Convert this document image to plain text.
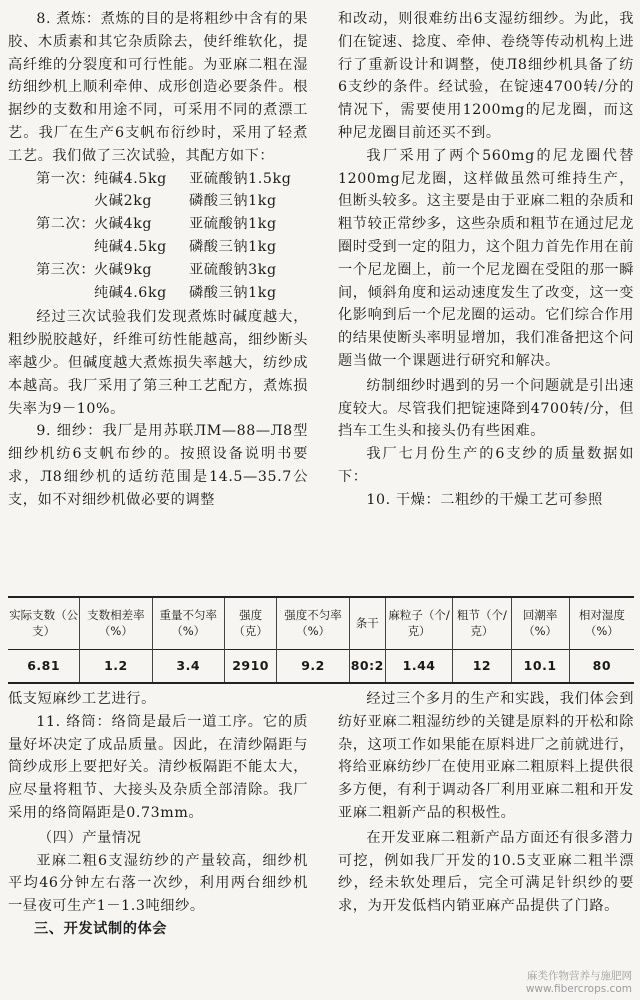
8. 煮炼：煮炼的目的是将粗纱中含有的果胶、木质素和其它杂质除去，使纤维软化，提高纤维的分裂度和可行性能。为亚麻二粗在湿纺细纱机上顺利牵伸、成形创造必要条件。根据纱的支数和用途不同，可采用不同的煮漂工艺。我厂在生产6支帆布衍纱时，采用了轻煮工艺。我们做了三次试验，其配方如下：

第一次：
纯碱4.5kg	亚硫酸钠1.5kg
火碱2kg	磷酸三钠1kg
第二次：
火碱4kg	亚硫酸钠1kg
纯碱4.5kg	磷酸三钠1kg
第三次：
火碱9kg	亚硫酸钠3kg
纯碱4.6kg	磷酸三钠1kg

经过三次试验我们发现煮炼时碱度越大，粗纱脱胶越好，纤维可纺性能越高，细纱断头率越少。但碱度越大煮炼损失率越大，纺纱成本越高。我厂采用了第三种工艺配方，煮炼损失率为9－10%。

9. 细纱：我厂是用苏联ЛМ—88—Л8型细纱机纺6支帆布纱的。按照设备说明书要求，Л8细纱机的适纺范围是14.5—35.7公支，如不对细纱机做必要的调整

和改动，则很难纺出6支湿纺细纱。为此，我们在锭速、捻度、牵伸、卷绕等传动机构上进行了重新设计和调整，使Л8细纱机具备了纺6支纱的条件。经试验，在锭速4700转/分的情况下，需要使用1200mg的尼龙圈，而这种尼龙圈目前还买不到。

我厂采用了两个560mg的尼龙圈代替1200mg尼龙圈，这样做虽然可维持生产，但断头较多。这主要是由于亚麻二粗的杂质和粗节较正常纱多，这些杂质和粗节在通过尼龙圈时受到一定的阻力，这个阻力首先作用在前一个尼龙圈上，前一个尼龙圈在受阻的那一瞬间，倾斜角度和运动速度发生了改变，这一变化影响到后一个尼龙圈的运动。它们综合作用的结果使断头率明显增加，我们准备把这个问题当做一个课题进行研究和解决。

纺制细纱时遇到的另一个问题就是引出速度较大。尽管我们把锭速降到4700转/分，但挡车工生头和接头仍有些困难。

我厂七月份生产的6支纱的质量数据如下：

10. 干燥：二粗纱的干燥工艺可参照

实际支数（公支）	支数相差率（%）	重量不匀率（%）	强度（克）	强度不匀率（%）	条干	麻粒子（个/克）	粗节（个/克）	回潮率（%）	相对湿度（%）
6.81	1.2	3.4	2910	9.2	80:2	1.44	12	10.1	80

低支短麻纱工艺进行。

11. 络筒：络筒是最后一道工序。它的质量好坏决定了成品质量。因此，在清纱隔距与筒纱成形上要把好关。清纱板隔距不能太大，应尽量将粗节、大接头及杂质全部清除。我厂采用的络筒隔距是0.73mm。

（四）产量情况

亚麻二粗6支湿纺纱的产量较高，细纱机平均46分钟左右落一次纱，利用两台细纱机一昼夜可生产1－1.3吨细纱。

三、开发试制的体会

经过三个多月的生产和实践，我们体会到纺好亚麻二粗湿纺纱的关键是原料的开松和除杂，这项工作如果能在原料进厂之前就进行，将给亚麻纺纱厂在使用亚麻二粗原料上提供很多方便，有利于调动各厂利用亚麻二粗和开发亚麻二粗新产品的积极性。

在开发亚麻二粗新产品方面还有很多潜力可挖，例如我厂开发的10.5支亚麻二粗半漂纱，经未软处理后，完全可满足针织纱的要求，为开发低档内销亚麻产品提供了门路。

麻类作物营养与施肥网
www.fibercrops.com
